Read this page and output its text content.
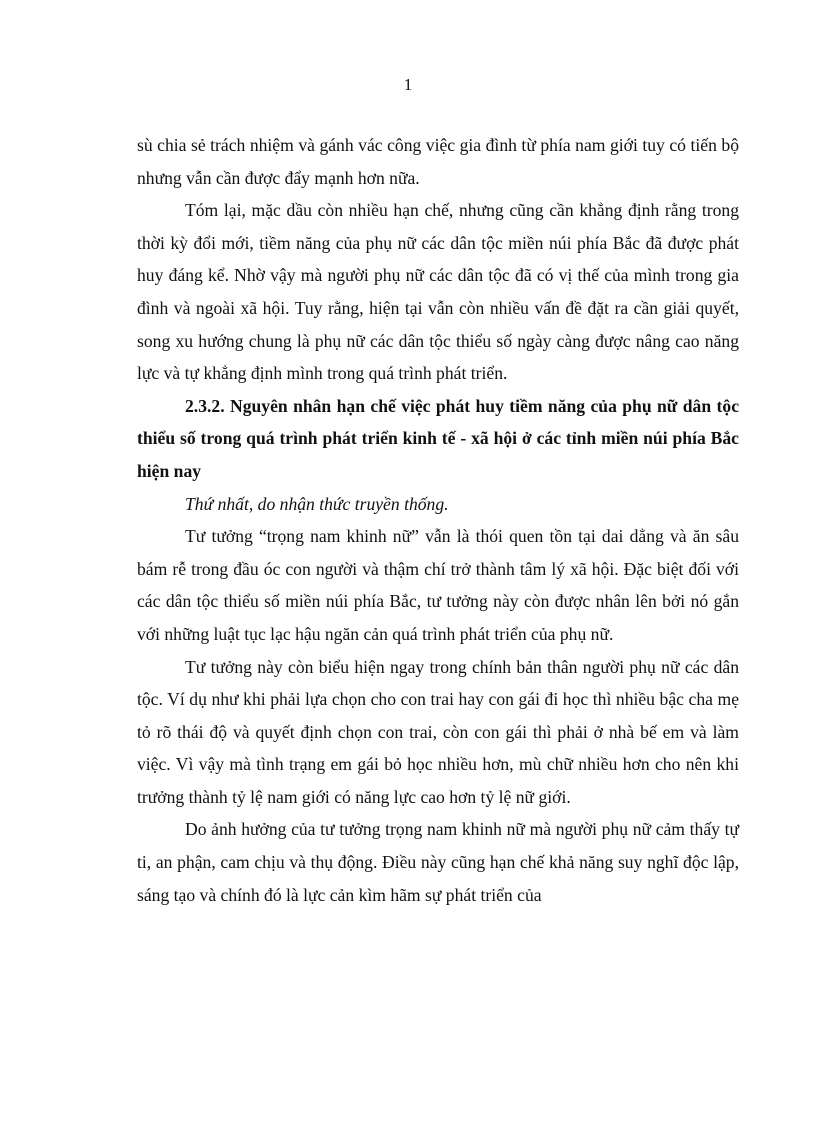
1

sù chia sẻ trách nhiệm và gánh vác công việc gia đình từ phía nam giới tuy có tiến bộ nhưng vẫn cần được đẩy mạnh hơn nữa.

Tóm lại, mặc dầu còn nhiều hạn chế, nhưng cũng cần khẳng định rằng trong thời kỳ đổi mới, tiềm năng của phụ nữ các dân tộc miền núi phía Bắc đã được phát huy đáng kể. Nhờ vậy mà người phụ nữ các dân tộc đã có vị thế của mình trong gia đình và ngoài xã hội. Tuy rằng, hiện tại vẫn còn nhiều vấn đề đặt ra cần giải quyết, song xu hướng chung là phụ nữ các dân tộc thiểu số ngày càng được nâng cao năng lực và tự khẳng định mình trong quá trình phát triển.

2.3.2. Nguyên nhân hạn chế việc phát huy tiềm năng của phụ nữ dân tộc thiểu số trong quá trình phát triển kinh tế - xã hội ở các tỉnh miền núi phía Bắc hiện nay

Thứ nhất, do nhận thức truyền thống.

Tư tưởng “trọng nam khinh nữ” vẫn là thói quen tồn tại dai dẳng và ăn sâu bám rễ trong đầu óc con người và thậm chí trở thành tâm lý xã hội. Đặc biệt đối với các dân tộc thiểu số miền núi phía Bắc, tư tưởng này còn được nhân lên bởi nó gắn với những luật tục lạc hậu ngăn cản quá trình phát triển của phụ nữ.

Tư tưởng này còn biểu hiện ngay trong chính bản thân người phụ nữ các dân tộc. Ví dụ như khi phải lựa chọn cho con trai hay con gái đi học thì nhiều bậc cha mẹ tỏ rõ thái độ và quyết định chọn con trai, còn con gái thì phải ở nhà bế em và làm việc. Vì vậy mà tình trạng em gái bỏ học nhiều hơn, mù chữ nhiều hơn cho nên khi trưởng thành tỷ lệ nam giới có năng lực cao hơn tỷ lệ nữ giới.

Do ảnh hưởng của tư tưởng trọng nam khinh nữ mà người phụ nữ cảm thấy tự ti, an phận, cam chịu và thụ động. Điều này cũng hạn chế khả năng suy nghĩ độc lập, sáng tạo và chính đó là lực cản kìm hãm sự phát triển của
